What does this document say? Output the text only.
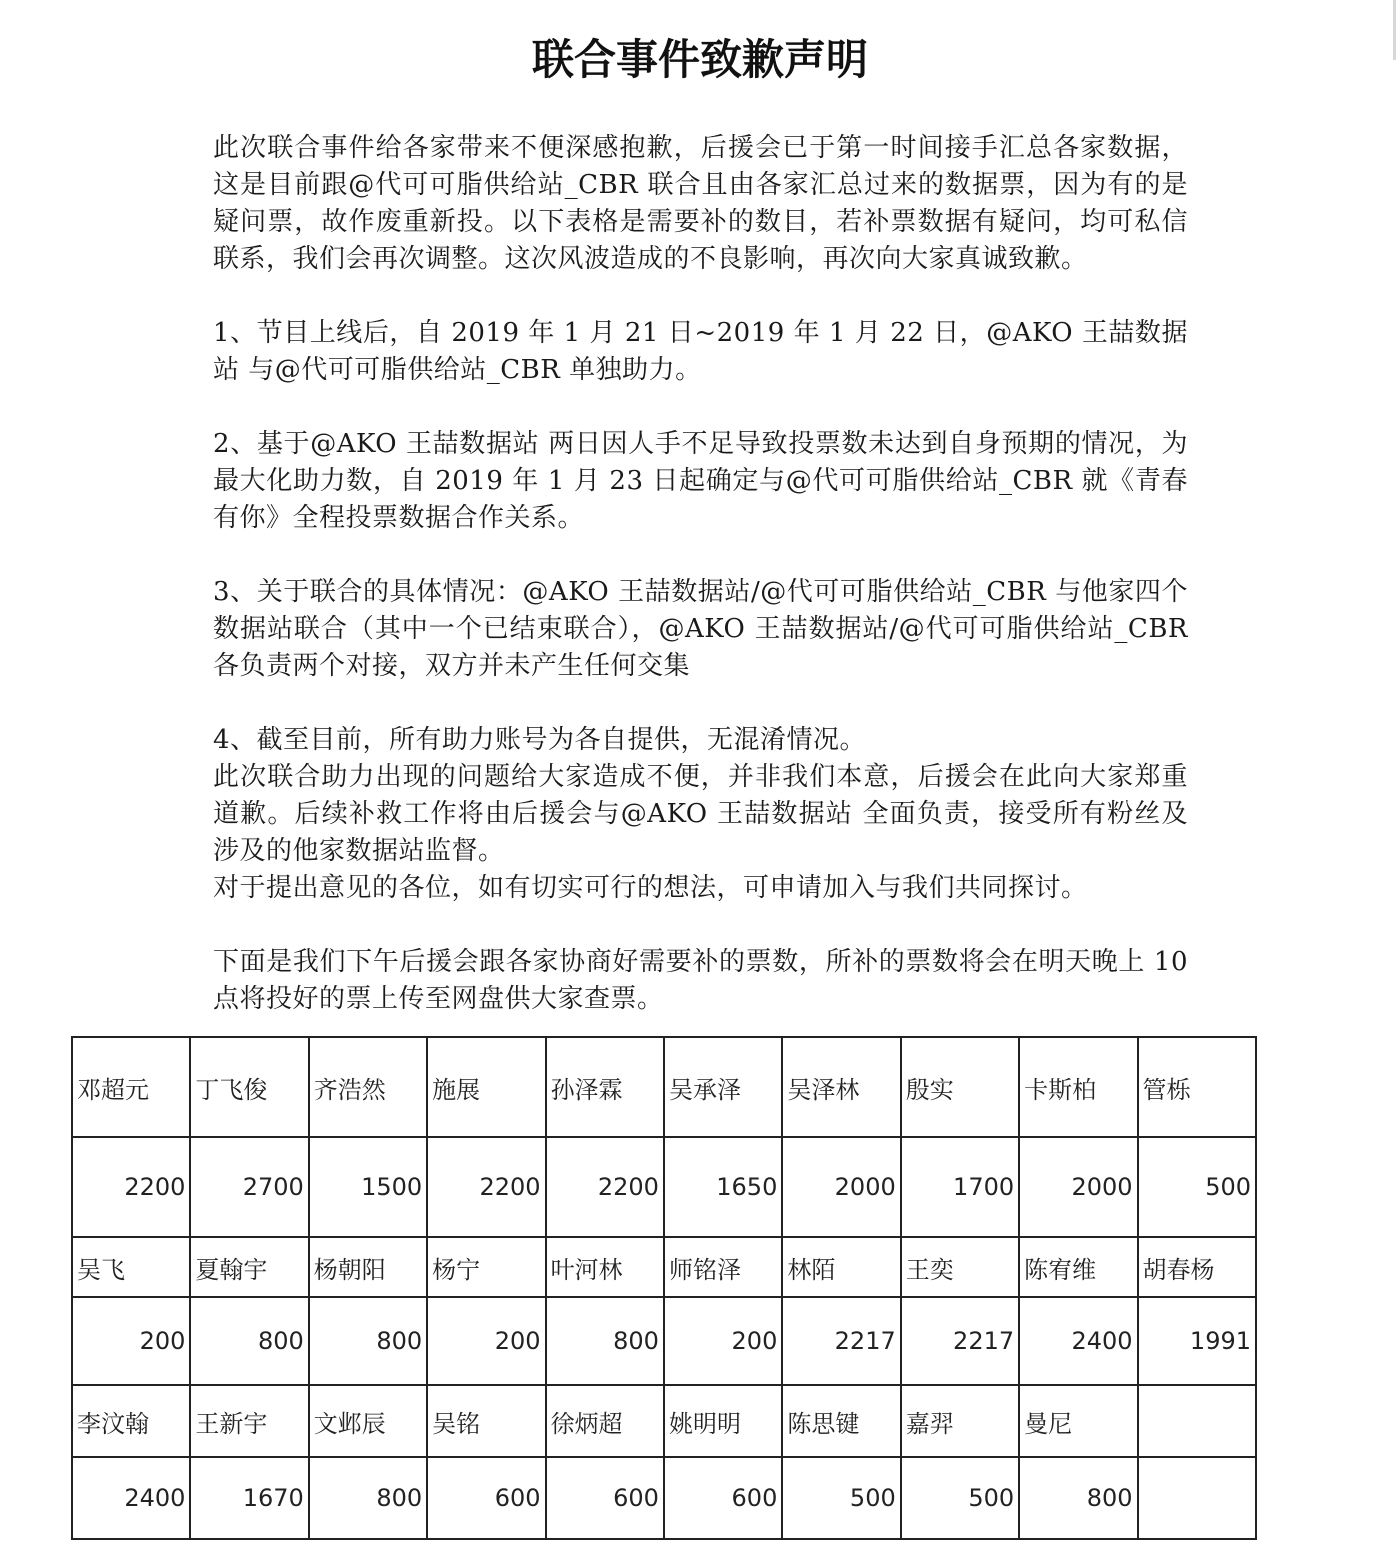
联合事件致歉声明

此次联合事件给各家带来不便深感抱歉，后援会已于第一时间接手汇总各家数据，这是目前跟@代可可脂供给站_CBR 联合且由各家汇总过来的数据票，因为有的是疑问票，故作废重新投。以下表格是需要补的数目，若补票数据有疑问，均可私信联系，我们会再次调整。这次风波造成的不良影响，再次向大家真诚致歉。

1、节目上线后，自 2019 年 1 月 21 日~2019 年 1 月 22 日，@AKO 王喆数据站 与@代可可脂供给站_CBR 单独助力。

2、基于@AKO 王喆数据站 两日因人手不足导致投票数未达到自身预期的情况，为最大化助力数，自 2019 年 1 月 23 日起确定与@代可可脂供给站_CBR 就《青春有你》全程投票数据合作关系。

3、关于联合的具体情况：@AKO 王喆数据站/@代可可脂供给站_CBR 与他家四个数据站联合（其中一个已结束联合），@AKO 王喆数据站/@代可可脂供给站_CBR 各负责两个对接，双方并未产生任何交集

4、截至目前，所有助力账号为各自提供，无混淆情况。

此次联合助力出现的问题给大家造成不便，并非我们本意，后援会在此向大家郑重道歉。后续补救工作将由后援会与@AKO 王喆数据站 全面负责，接受所有粉丝及涉及的他家数据站监督。

对于提出意见的各位，如有切实可行的想法，可申请加入与我们共同探讨。

下面是我们下午后援会跟各家协商好需要补的票数，所补的票数将会在明天晚上 10 点将投好的票上传至网盘供大家查票。

邓超元	丁飞俊	齐浩然	施展	孙泽霖	吴承泽	吴泽林	殷实	卡斯柏	管栎
2200	2700	1500	2200	2200	1650	2000	1700	2000	500
吴飞	夏翰宇	杨朝阳	杨宁	叶河林	师铭泽	林陌	王奕	陈宥维	胡春杨
200	800	800	200	800	200	2217	2217	2400	1991
李汶翰	王新宇	文邺辰	吴铭	徐炳超	姚明明	陈思键	嘉羿	曼尼	
2400	1670	800	600	600	600	500	500	800	
